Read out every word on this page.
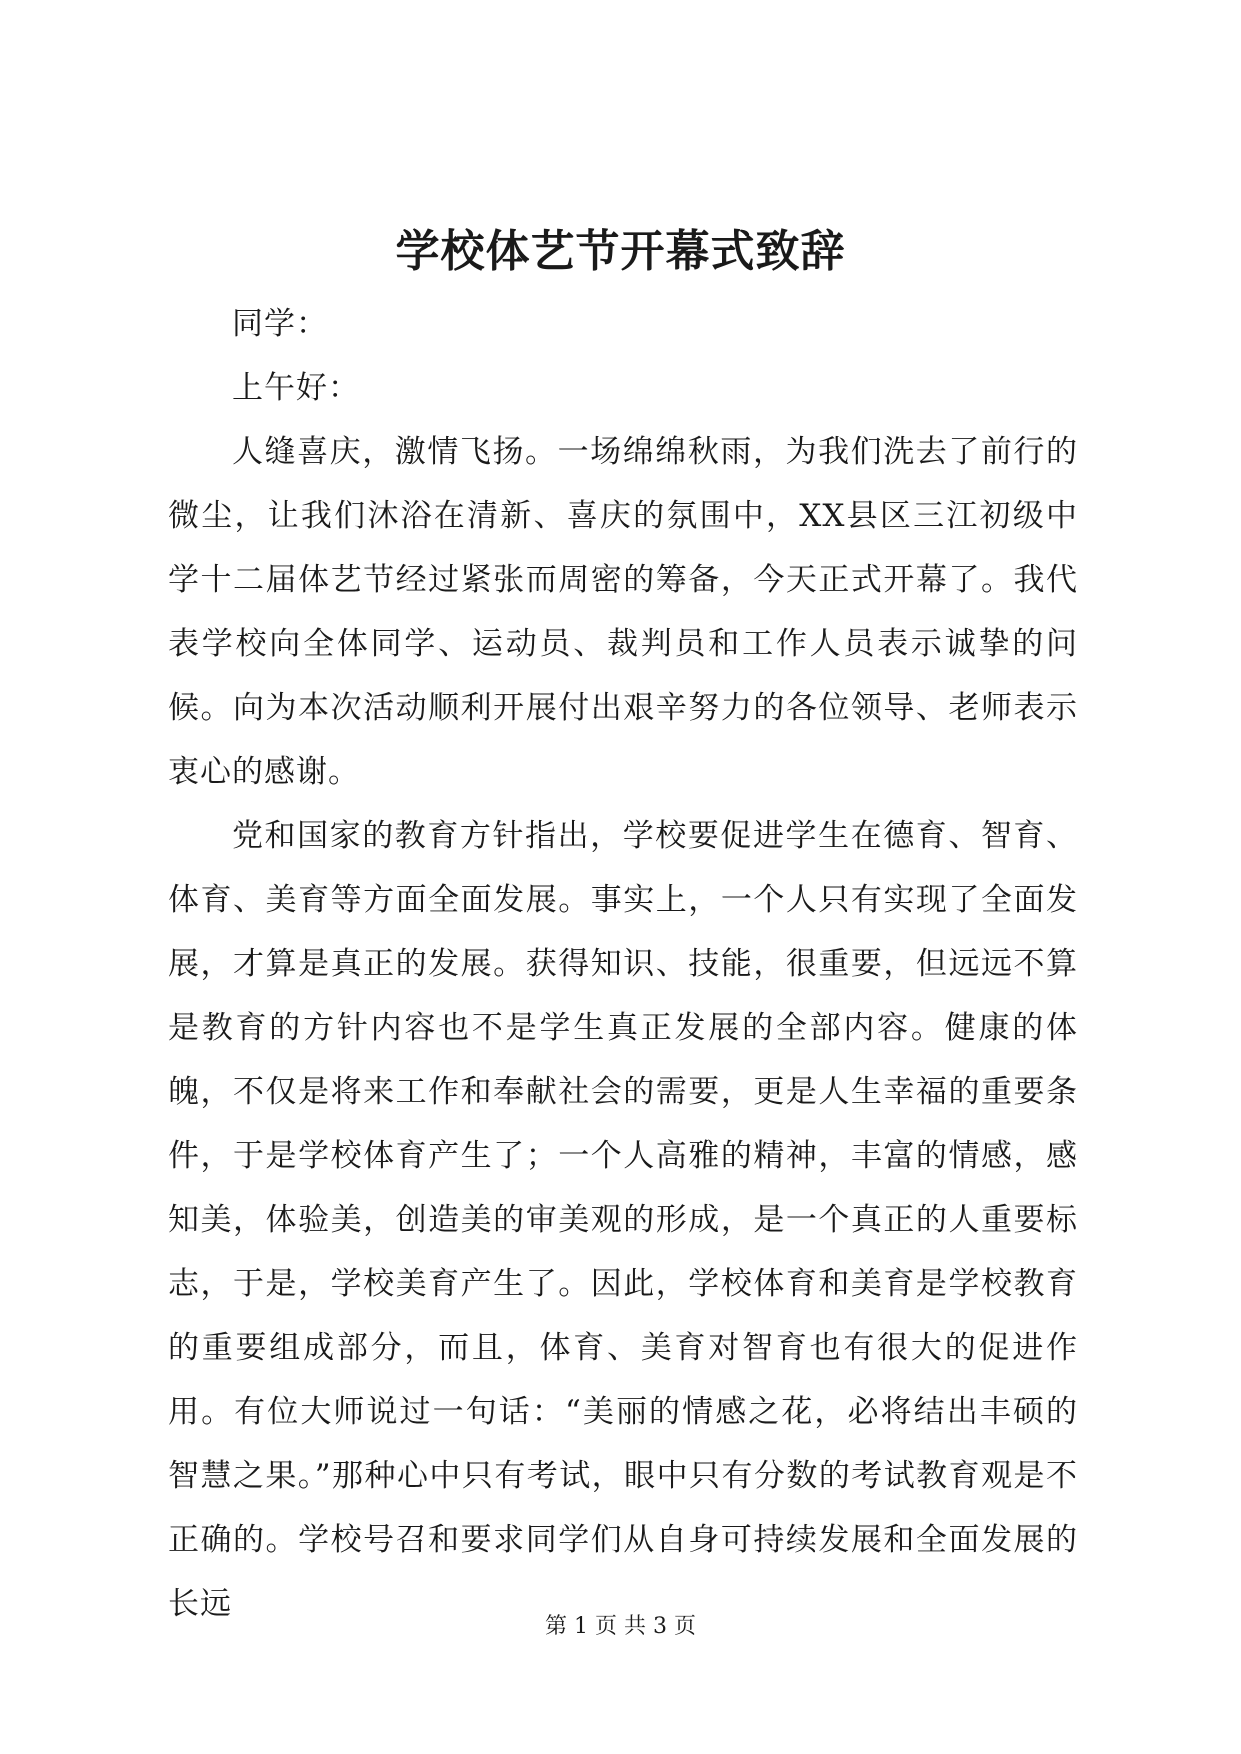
学校体艺节开幕式致辞

同学：

上午好：

人缝喜庆，激情飞扬。一场绵绵秋雨，为我们洗去了前行的微尘，让我们沐浴在清新、喜庆的氛围中，XX县区三江初级中学十二届体艺节经过紧张而周密的筹备，今天正式开幕了。我代表学校向全体同学、运动员、裁判员和工作人员表示诚挚的问候。向为本次活动顺利开展付出艰辛努力的各位领导、老师表示衷心的感谢。

党和国家的教育方针指出，学校要促进学生在德育、智育、体育、美育等方面全面发展。事实上，一个人只有实现了全面发展，才算是真正的发展。获得知识、技能，很重要，但远远不算是教育的方针内容也不是学生真正发展的全部内容。健康的体魄，不仅是将来工作和奉献社会的需要，更是人生幸福的重要条件，于是学校体育产生了；一个人高雅的精神，丰富的情感，感知美，体验美，创造美的审美观的形成，是一个真正的人重要标志，于是，学校美育产生了。因此，学校体育和美育是学校教育的重要组成部分，而且，体育、美育对智育也有很大的促进作用。有位大师说过一句话：“美丽的情感之花，必将结出丰硕的智慧之果。”那种心中只有考试，眼中只有分数的考试教育观是不正确的。学校号召和要求同学们从自身可持续发展和全面发展的长远

第 1 页 共 3 页
